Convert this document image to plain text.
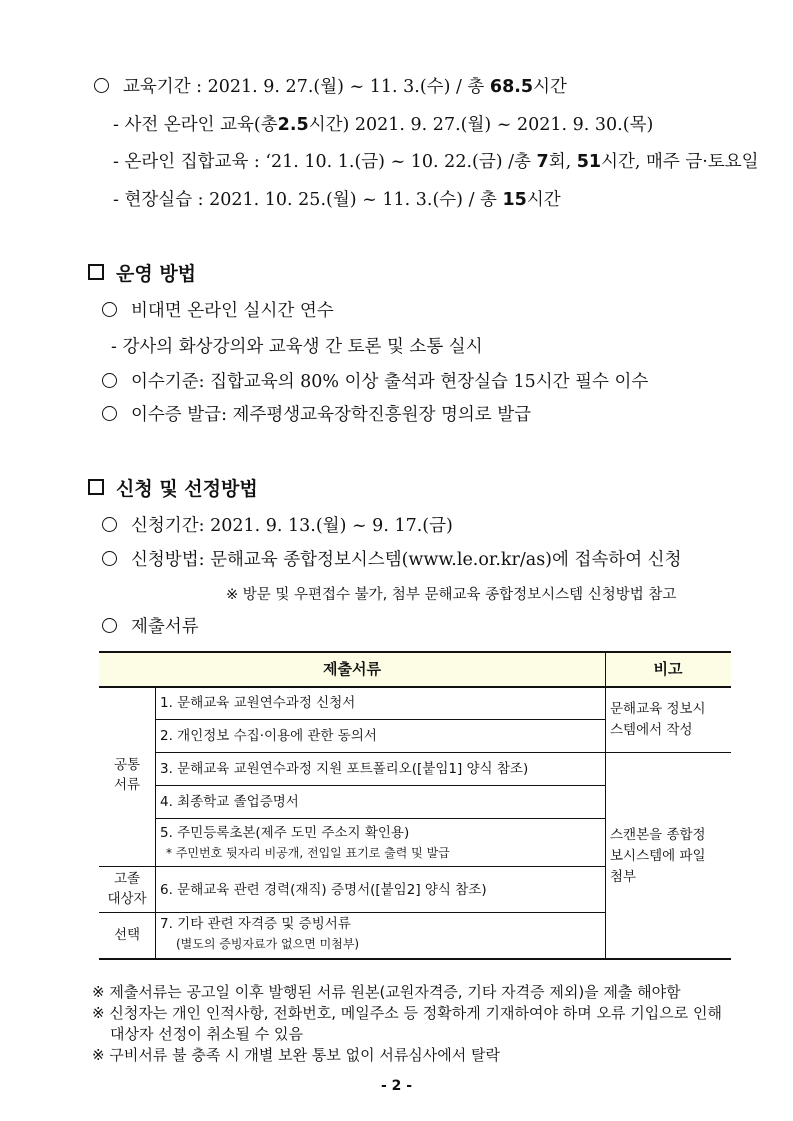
교육기간 : 2021. 9. 27.(월) ~ 11. 3.(수) / 총 68.5시간
- 사전 온라인 교육(총2.5시간) 2021. 9. 27.(월) ~ 2021. 9. 30.(목)
- 온라인 집합교육 : ‘21. 10. 1.(금) ~ 10. 22.(금) /총 7회, 51시간, 매주 금·토요일
- 현장실습 : 2021. 10. 25.(월) ~ 11. 3.(수) / 총 15시간
운영 방법
비대면 온라인 실시간 연수
- 강사의 화상강의와 교육생 간 토론 및 소통 실시
이수기준: 집합교육의 80% 이상 출석과 현장실습 15시간 필수 이수
이수증 발급: 제주평생교육장학진흥원장 명의로 발급
신청 및 선정방법
신청기간: 2021. 9. 13.(월) ~ 9. 17.(금)
신청방법: 문해교육 종합정보시스템(www.le.or.kr/as)에 접속하여 신청
※ 방문 및 우편접수 불가, 첨부 문해교육 종합정보시스템 신청방법 참고
제출서류
제출서류	비고
공통
서류
고졸
대상자
선택
1. 문해교육 교원연수과정 신청서
2. 개인정보 수집·이용에 관한 동의서
3. 문해교육 교원연수과정 지원 포트폴리오([붙임1] 양식 참조)
4. 최종학교 졸업증명서
5. 주민등록초본(제주 도민 주소지 확인용)
* 주민번호 뒷자리 비공개, 전입일 표기로 출력 및 발급
6. 문해교육 관련 경력(재직) 증명서([붙임2] 양식 참조)
7. 기타 관련 자격증 및 증빙서류
(별도의 증빙자료가 없으면 미첨부)
문해교육 정보시
스템에서 작성
스캔본을 종합정
보시스템에 파일
첨부
※ 제출서류는 공고일 이후 발행된 서류 원본(교원자격증, 기타 자격증 제외)을 제출 해야함
※ 신청자는 개인 인적사항, 전화번호, 메일주소 등 정확하게 기재하여야 하며 오류 기입으로 인해
대상자 선정이 취소될 수 있음
※ 구비서류 불 충족 시 개별 보완 통보 없이 서류심사에서 탈락
- 2 -
